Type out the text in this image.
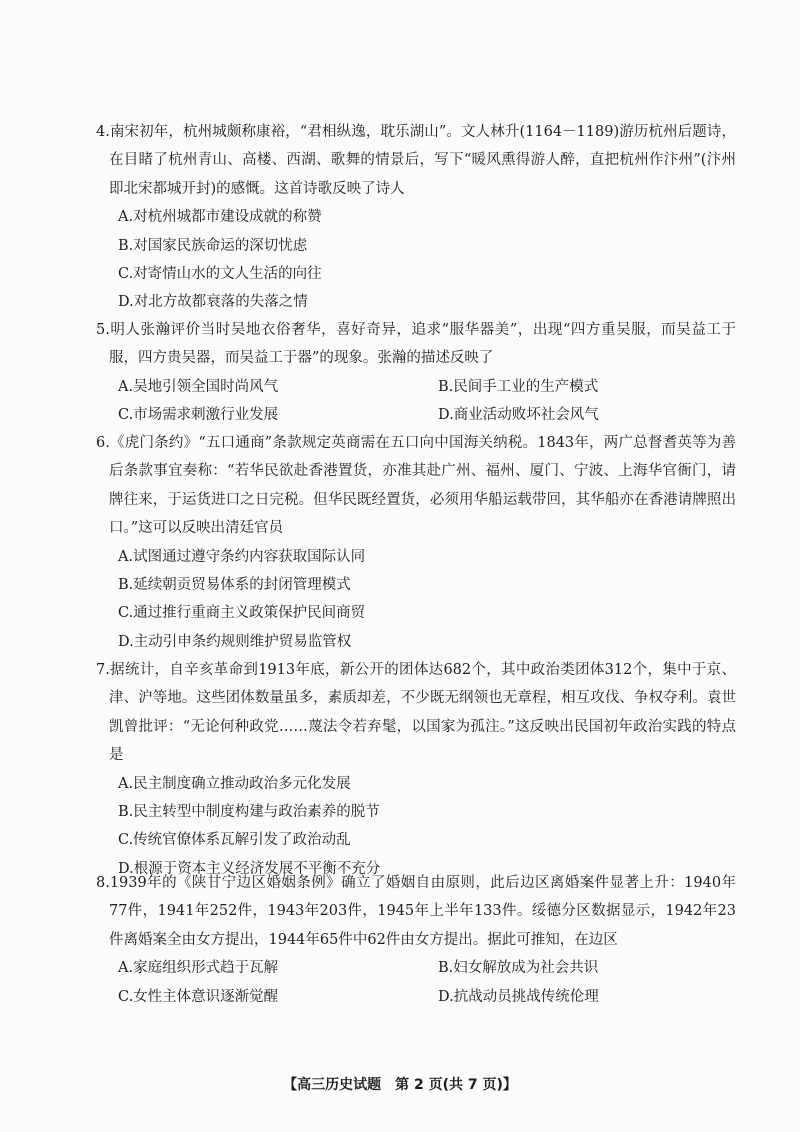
4.南宋初年，杭州城颇称康裕，“君相纵逸，耽乐湖山”。文人林升(1164－1189)游历杭州后题诗，在目睹了杭州青山、高楼、西湖、歌舞的情景后，写下“暖风熏得游人醉，直把杭州作汴州”(汴州即北宋都城开封)的感慨。这首诗歌反映了诗人

A.对杭州城都市建设成就的称赞
B.对国家民族命运的深切忧虑
C.对寄情山水的文人生活的向往
D.对北方故都衰落的失落之情

5.明人张瀚评价当时吴地衣俗奢华，喜好奇异，追求“服华器美”，出现“四方重吴服，而吴益工于服，四方贵吴器，而吴益工于器”的现象。张瀚的描述反映了

A.吴地引领全国时尚风气	B.民间手工业的生产模式
C.市场需求刺激行业发展	D.商业活动败坏社会风气

6.《虎门条约》“五口通商”条款规定英商需在五口向中国海关纳税。1843年，两广总督耆英等为善后条款事宜奏称：“若华民欲赴香港置货，亦准其赴广州、福州、厦门、宁波、上海华官衙门，请牌往来，于运货进口之日完税。但华民既经置货，必须用华船运载带回，其华船亦在香港请牌照出口。”这可以反映出清廷官员

A.试图通过遵守条约内容获取国际认同
B.延续朝贡贸易体系的封闭管理模式
C.通过推行重商主义政策保护民间商贸
D.主动引申条约规则维护贸易监管权

7.据统计，自辛亥革命到1913年底，新公开的团体达682个，其中政治类团体312个，集中于京、津、沪等地。这些团体数量虽多，素质却差，不少既无纲领也无章程，相互攻伐、争权夺利。袁世凯曾批评：“无论何种政党……蔑法令若弃髦，以国家为孤注。”这反映出民国初年政治实践的特点是

A.民主制度确立推动政治多元化发展
B.民主转型中制度构建与政治素养的脱节
C.传统官僚体系瓦解引发了政治动乱
D.根源于资本主义经济发展不平衡不充分

8.1939年的《陕甘宁边区婚姻条例》确立了婚姻自由原则，此后边区离婚案件显著上升：1940年77件，1941年252件，1943年203件，1945年上半年133件。绥德分区数据显示，1942年23件离婚案全由女方提出，1944年65件中62件由女方提出。据此可推知，在边区

A.家庭组织形式趋于瓦解	B.妇女解放成为社会共识
C.女性主体意识逐渐觉醒	D.抗战动员挑战传统伦理
【高三历史试题　第 2 页(共 7 页)】
